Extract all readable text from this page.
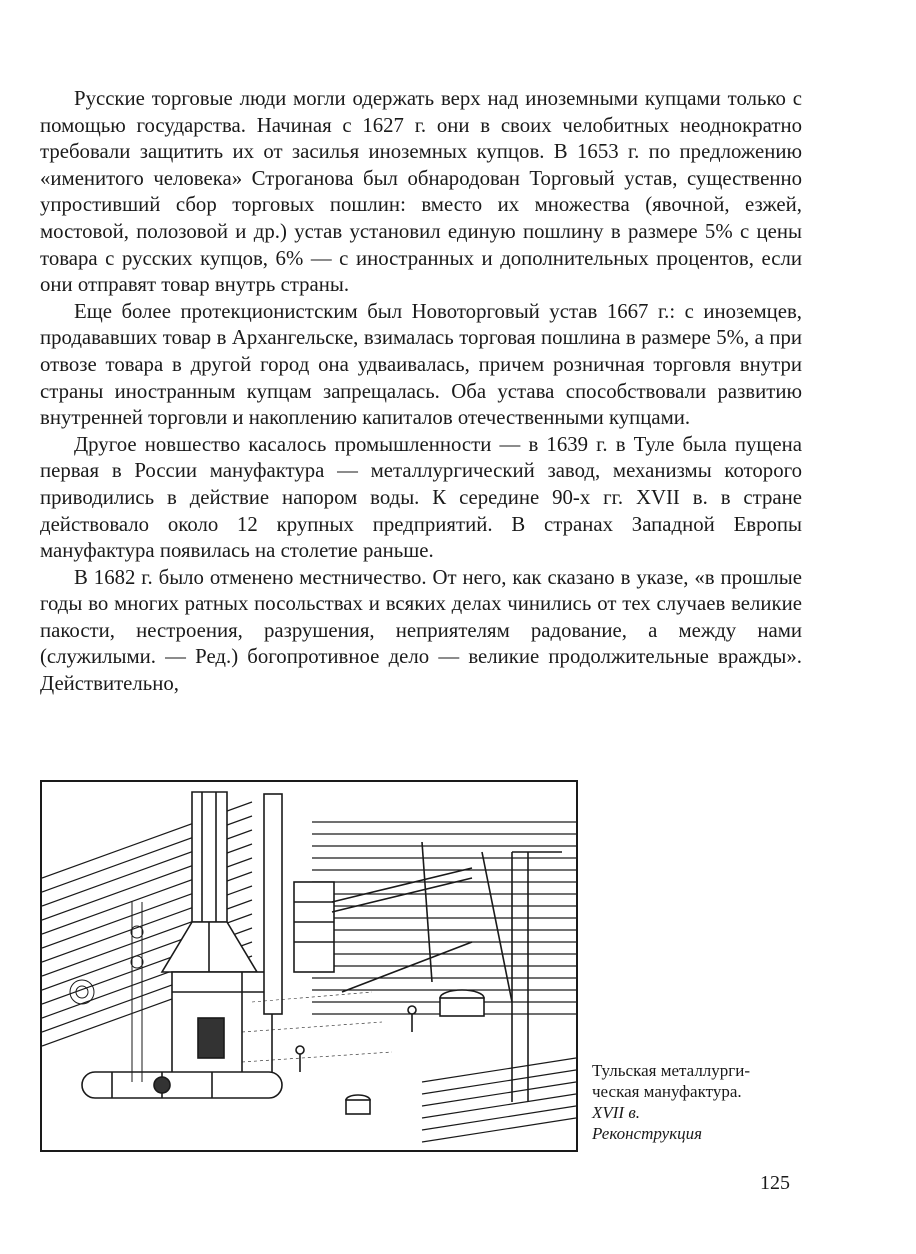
Русские торговые люди могли одержать верх над иноземными купцами только с помощью государства. Начиная с 1627 г. они в своих челобитных неоднократно требовали защитить их от засилья иноземных купцов. В 1653 г. по предложению «именитого человека» Строганова был обнародован Торговый устав, существенно упростивший сбор торговых пошлин: вместо их множества (явочной, езжей, мостовой, полозовой и др.) устав установил единую пошлину в размере 5% с цены товара с русских купцов, 6% — с иностранных и дополнительных процентов, если они отправят товар внутрь страны.

Еще более протекционистским был Новоторговый устав 1667 г.: с иноземцев, продававших товар в Архангельске, взималась торговая пошлина в размере 5%, а при отвозе товара в другой город она удваивалась, причем розничная торговля внутри страны иностранным купцам запрещалась. Оба устава способствовали развитию внутренней торговли и накоплению капиталов отечественными купцами.

Другое новшество касалось промышленности — в 1639 г. в Туле была пущена первая в России мануфактура — металлургический завод, механизмы которого приводились в действие напором воды. К середине 90-х гг. XVII в. в стране действовало около 12 крупных предприятий. В странах Западной Европы мануфактура появилась на столетие раньше.

В 1682 г. было отменено местничество. От него, как сказано в указе, «в прошлые годы во многих ратных посольствах и всяких делах чинились от тех случаев великие пакости, нестроения, разрушения, неприятелям радование, а между нами (служилыми. — Ред.) богопротивное дело — великие продолжительные вражды». Действительно,

Тульская металлурги-
ческая мануфактура.
XVII в.
Реконструкция
125
